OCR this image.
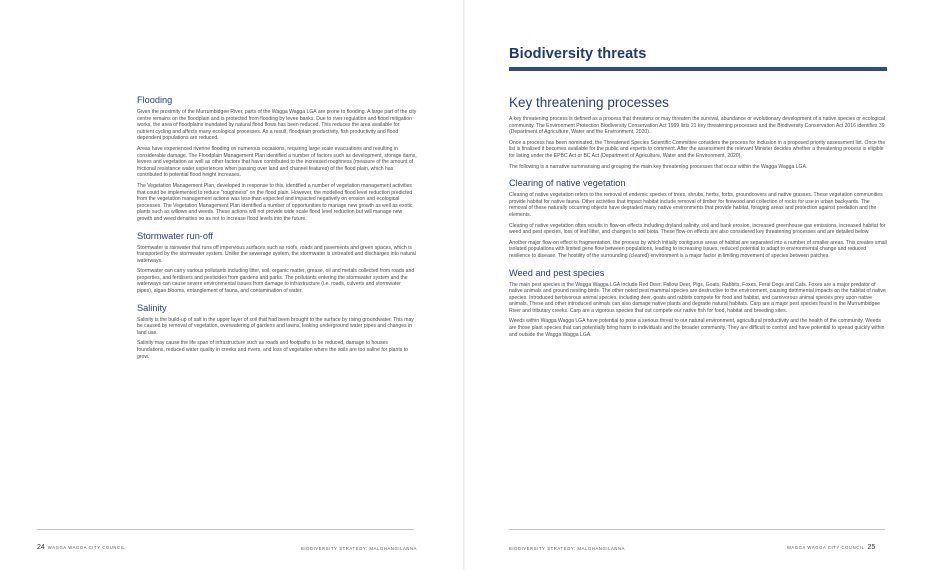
Flooding

Given the proximity of the Murrumbidgee River, parts of the Wagga Wagga LGA are prone to flooding. A large part of the city centre remains on the floodplain and is protected from flooding by levee banks. Due to river regulation and flood mitigation works, the area of floodplains inundated by natural flood flows has been reduced. This reduces the area available for nutrient cycling and affects many ecological processes. As a result, floodplain productivity, fish productivity and flood dependent populations are reduced.

Areas have experienced riverine flooding on numerous occasions, requiring large scale evacuations and resulting in considerable damage. The Floodplain Management Plan identified a number of factors such as development, storage dams, levees and vegetation as well as other factors that have contributed to the increased roughness (measure of the amount of frictional resistance water experiences when passing over land and channel features) of the flood plain, which has contributed to potential flood height increases.

The Vegetation Management Plan, developed in response to this, identified a number of vegetation management activities that could be implemented to reduce "roughness" on the flood plain. However, the modelled flood level reduction predicted from the vegetation management actions was less than expected and impacted negatively on erosion and ecological processes. The Vegetation Management Plan identified a number of opportunities to manage new growth as well as exotic plants such as willows and weeds. These actions will not provide wide scale flood level reduction but will manage new growth and weed densities so as not to increase flood levels into the future.

Stormwater run-off

Stormwater is rainwater that runs off impervious surfaces such as roofs, roads and pavements and green spaces, which is transported by the stormwater system. Unlike the sewerage system, the stormwater is untreated and discharges into natural waterways.

Stormwater can carry various pollutants including litter, soil, organic matter, grease, oil and metals collected from roads and properties, and fertilisers and pesticides from gardens and parks. The pollutants entering the stormwater system and the waterways can cause severe environmental issues from damage to infrastructure (i.e. roads, culverts and stormwater pipes), algae blooms, entanglement of fauna, and contamination of water.

Salinity

Salinity is the build-up of salt in the upper layer of soil that had been brought to the surface by rising groundwater. This may be caused by removal of vegetation, overwatering of gardens and lawns, leaking underground water pipes and changes in land use.

Salinity may cause the life span of infrastructure such as roads and footpaths to be reduced, damage to houses foundations, reduced water quality in creeks and rivers, and loss of vegetation where the soils are too saline for plants to grow.

24 WAGGA WAGGA CITY COUNCIL	BIODIVERSITY STRATEGY: MALGHANGILANNA
Biodiversity threats
Key threatening processes

A key threatening process is defined as a process that threatens or may threaten the survival, abundance or evolutionary development of a native species or ecological community. The Environment Protection Biodiversity Conservation Act 1999 lists 21 key threatening processes and the Biodiversity Conservation Act 2016 identifies 39 (Department of Agriculture, Water and the Environment, 2020).

Once a process has been nominated, the Threatened Species Scientific Committee considers the process for inclusion in a proposed priority assessment list. Once the list is finalised it becomes available for the public and experts to comment. After the assessment the relevant Minister decides whether a threatening process is eligible for listing under the EPBC Act or BC Act (Department of Agriculture, Water and the Environment, 2020).

The following is a narrative summarising and grouping the main key threatening processes that occur within the Wagga Wagga LGA.

Clearing of native vegetation

Clearing of native vegetation refers to the removal of endemic species of trees, shrubs, herbs, forbs, groundcovers and native grasses. These vegetation communities provide habitat for native fauna. Other activities that impact habitat include removal of timber for firewood and collection of rocks for use in urban backyards. The removal of these naturally occurring objects have degraded many native environments that provide habitat, foraging areas and protection against predation and the elements.

Clearing of native vegetation often results in flow-on effects including dryland salinity, soil and bank erosion, increased greenhouse gas emissions, increased habitat for weed and pest species, loss of leaf litter, and changes to soil biota. These flow-on effects are also considered key threatening processes and are detailed below.

Another major flow-on effect is fragmentation, the process by which initially contiguous areas of habitat are separated into a number of smaller areas. This creates small isolated populations with limited gene flow between populations, leading to increasing issues, reduced potential to adapt to environmental change and reduced resilience to disease. The hostility of the surrounding (cleared) environment is a major factor in limiting movement of species between patches.

Weed and pest species

The main pest species in the Wagga Wagga LGA include Red Deer, Fallow Deer, Pigs, Goats, Rabbits, Foxes, Feral Dogs and Cats. Foxes are a major predator of native animals and ground nesting birds. The other noted pest mammal species are destructive to the environment, causing detrimental impacts on the habitat of native species. Introduced herbivorous animal species, including deer, goats and rabbits compete for food and habitat, and carnivorous animal species prey upon native animals. These and other introduced animals can also damage native plants and degrade natural habitats. Carp are a major pest species found in the Murrumbidgee River and tributary creeks. Carp are a vigorous species that out compete our native fish for food, habitat and breeding sites.

Weeds within Wagga Wagga LGA have potential to pose a serious threat to our natural environment, agricultural productivity and the health of the community. Weeds are those plant species that can potentially bring harm to individuals and the broader community. They are difficult to control and have potential to spread quickly within and outside the Wagga Wagga LGA.

BIODIVERSITY STRATEGY: MALGHANGILANNA	WAGGA WAGGA CITY COUNCIL 25
